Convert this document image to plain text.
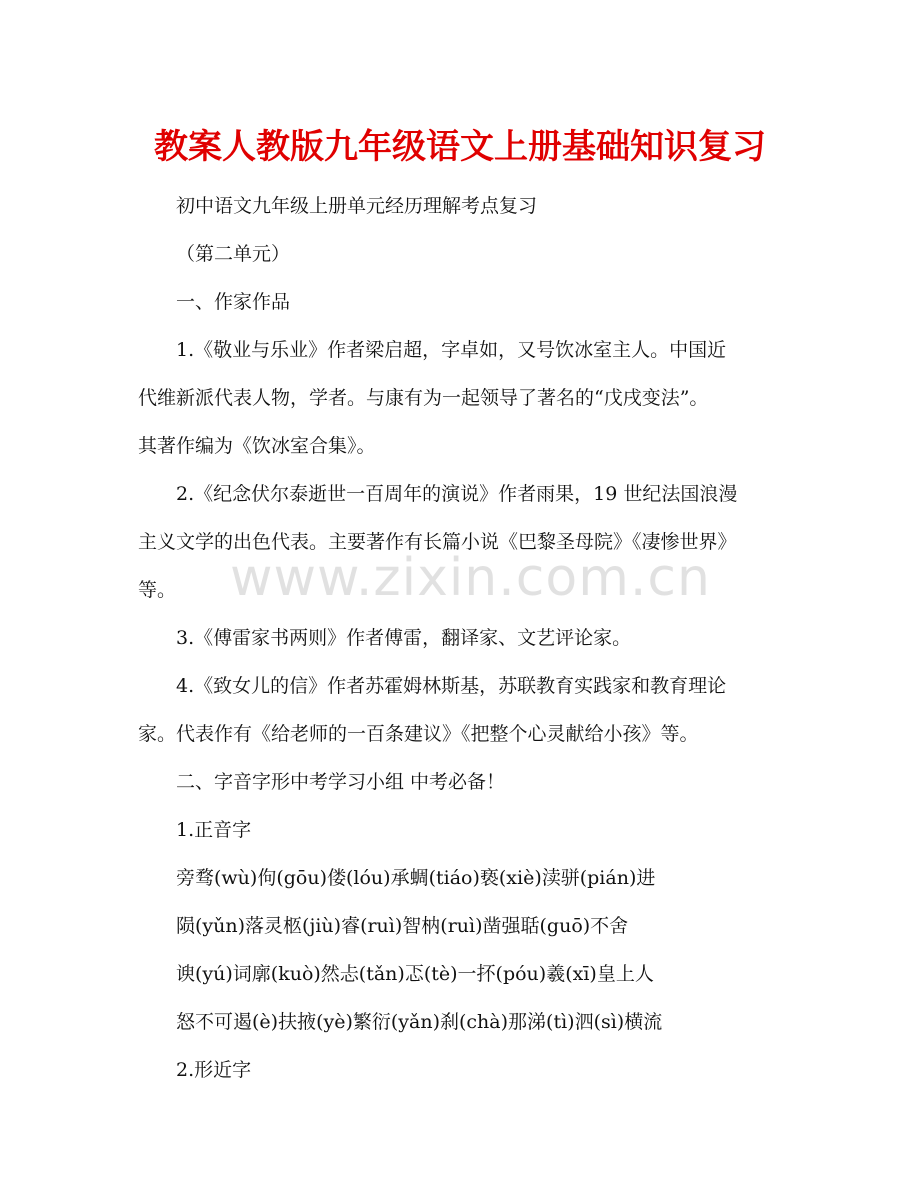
教案人教版九年级语文上册基础知识复习
初中语文九年级上册单元经历理解考点复习
（第二单元）
一、作家作品
1.《敬业与乐业》作者梁启超，字卓如，又号饮冰室主人。中国近
代维新派代表人物，学者。与康有为一起领导了著名的“戊戌变法”。
其著作编为《饮冰室合集》。
2.《纪念伏尔泰逝世一百周年的演说》作者雨果，19 世纪法国浪漫
主义文学的出色代表。主要著作有长篇小说《巴黎圣母院》《凄惨世界》
等。
3.《傅雷家书两则》作者傅雷，翻译家、文艺评论家。
4.《致女儿的信》作者苏霍姆林斯基，苏联教育实践家和教育理论
家。代表作有《给老师的一百条建议》《把整个心灵献给小孩》等。
二、字音字形中考学习小组 中考必备！
1.正音字
旁骛(wù)佝(gōu)偻(lóu)承蜩(tiáo)亵(xiè)渎骈(pián)进
陨(yǔn)落灵柩(jiù)睿(ruì)智枘(ruì)凿强聒(guō)不舍
谀(yú)词廓(kuò)然忐(tǎn)忑(tè)一抔(póu)羲(xī)皇上人
怒不可遏(è)扶掖(yè)繁衍(yǎn)刹(chà)那涕(tì)泗(sì)横流
2.形近字
www.zixin.com.cn
